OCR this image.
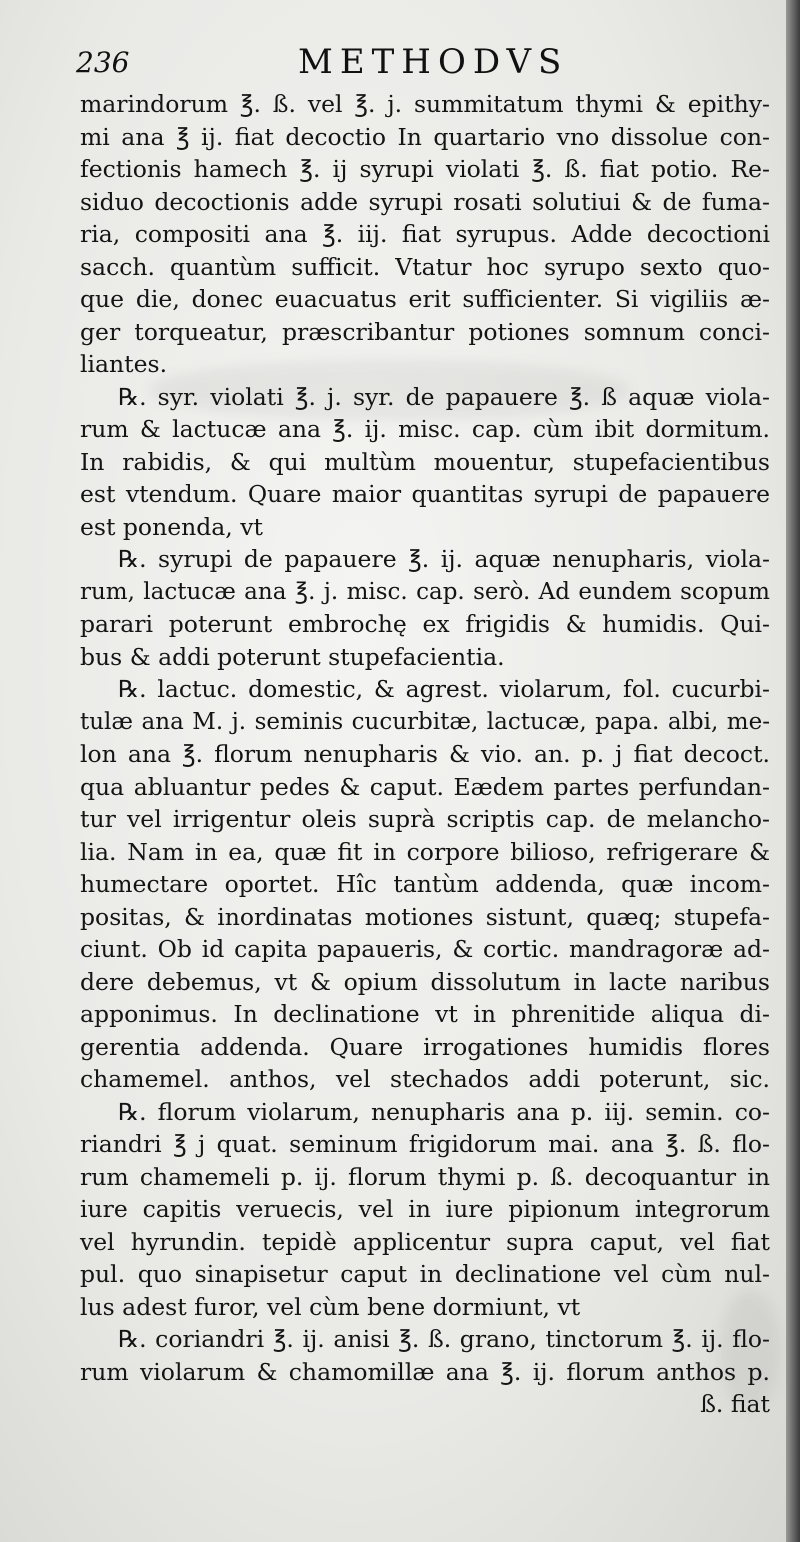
236	METHODVS
marindorum ℥. ß. vel ℥. j. summitatum thymi & epithy-
mi ana ℥ ij. fiat decoctio In quartario vno dissolue con-
fectionis hamech ℥. ij syrupi violati ℥. ß. fiat potio. Re-
siduo decoctionis adde syrupi rosati solutiui & de fuma-
ria, compositi ana ℥. iij. fiat syrupus. Adde decoctioni
sacch. quantùm sufficit. Vtatur hoc syrupo sexto quo-
que die, donec euacuatus erit sufficienter. Si vigiliis æ-
ger torqueatur, præscribantur potiones somnum conci-
liantes.
℞. syr. violati ℥. j. syr. de papauere ℥. ß aquæ viola-
rum & lactucæ ana ℥. ij. misc. cap. cùm ibit dormitum.
In rabidis, & qui multùm mouentur, stupefacientibus
est vtendum. Quare maior quantitas syrupi de papauere
est ponenda, vt
℞. syrupi de papauere ℥. ij. aquæ nenupharis, viola-
rum, lactucæ ana ℥. j. misc. cap. serò. Ad eundem scopum
parari poterunt embrochę ex frigidis & humidis. Qui-
bus & addi poterunt stupefacientia.
℞. lactuc. domestic, & agrest. violarum, fol. cucurbi-
tulæ ana M. j. seminis cucurbitæ, lactucæ, papa. albi, me-
lon ana ℥. florum nenupharis & vio. an. p. j fiat decoct.
qua abluantur pedes & caput. Eædem partes perfundan-
tur vel irrigentur oleis suprà scriptis cap. de melancho-
lia. Nam in ea, quæ fit in corpore bilioso, refrigerare &
humectare oportet. Hîc tantùm addenda, quæ incom-
positas, & inordinatas motiones sistunt, quæq; stupefa-
ciunt. Ob id capita papaueris, & cortic. mandragoræ ad-
dere debemus, vt & opium dissolutum in lacte naribus
apponimus. In declinatione vt in phrenitide aliqua di-
gerentia addenda. Quare irrogationes humidis flores
chamemel. anthos, vel stechados addi poterunt, sic.
℞. florum violarum, nenupharis ana p. iij. semin. co-
riandri ℥ j quat. seminum frigidorum mai. ana ℥. ß. flo-
rum chamemeli p. ij. florum thymi p. ß. decoquantur in
iure capitis veruecis, vel in iure pipionum integrorum
vel hyrundin. tepidè applicentur supra caput, vel fiat
pul. quo sinapisetur caput in declinatione vel cùm nul-
lus adest furor, vel cùm bene dormiunt, vt
℞. coriandri ℥. ij. anisi ℥. ß. grano, tinctorum ℥. ij. flo-
rum violarum & chamomillæ ana ℥. ij. florum anthos p.
ß. fiat
